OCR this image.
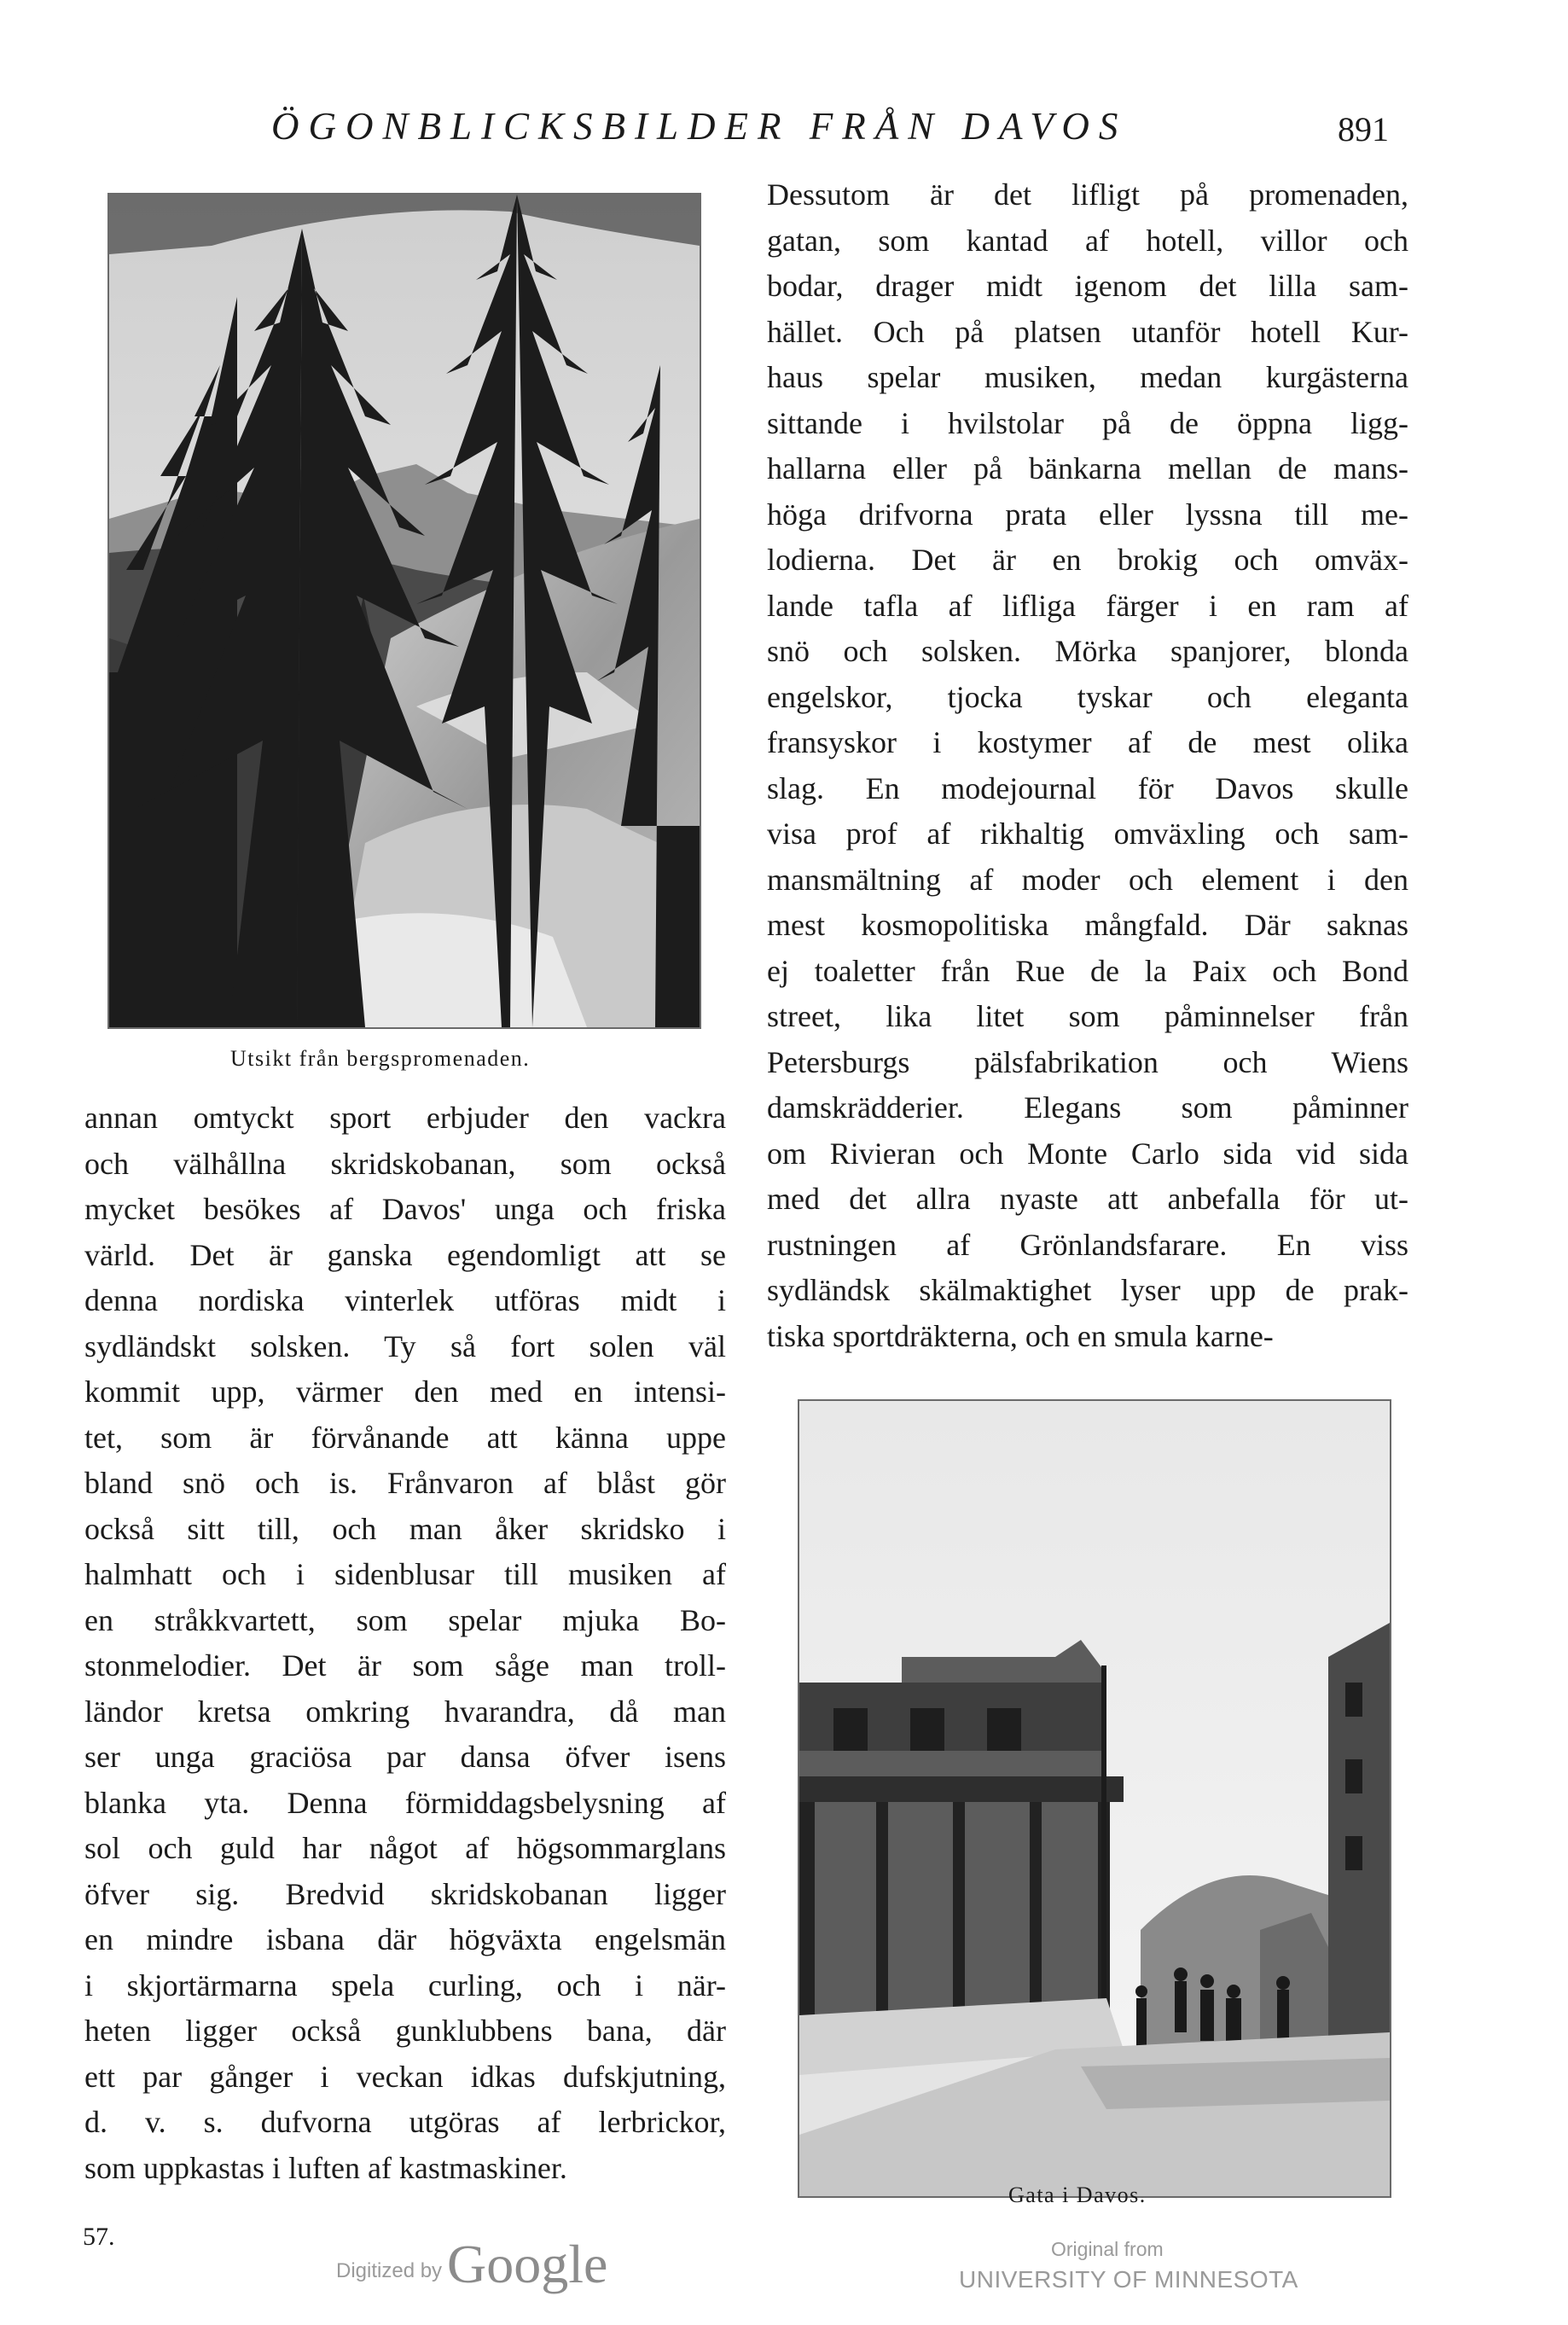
ÖGONBLICKSBILDER FRÅN DAVOS	891
Utsikt från bergspromenaden.
annan omtyckt sport erbjuder den vackra
och välhållna skridskobanan, som också
mycket besökes af Davos' unga och friska
värld. Det är ganska egendomligt att se
denna nordiska vinterlek utföras midt i
sydländskt solsken. Ty så fort solen väl
kommit upp, värmer den med en intensi-
tet, som är förvånande att känna uppe
bland snö och is. Frånvaron af blåst gör
också sitt till, och man åker skridsko i
halmhatt och i sidenblusar till musiken af
en stråkkvartett, som spelar mjuka Bo-
stonmelodier. Det är som såge man troll-
ländor kretsa omkring hvarandra, då man
ser unga graciösa par dansa öfver isens
blanka yta. Denna förmiddagsbelysning af
sol och guld har något af högsommarglans
öfver sig. Bredvid skridskobanan ligger
en mindre isbana där högväxta engelsmän
i skjortärmarna spela curling, och i när-
heten ligger också gunklubbens bana, där
ett par gånger i veckan idkas dufskjutning,
d. v. s. dufvorna utgöras af lerbrickor,
som uppkastas i luften af kastmaskiner.
Dessutom är det lifligt på promenaden,
gatan, som kantad af hotell, villor och
bodar, drager midt igenom det lilla sam-
hället. Och på platsen utanför hotell Kur-
haus spelar musiken, medan kurgästerna
sittande i hvilstolar på de öppna ligg-
hallarna eller på bänkarna mellan de mans-
höga drifvorna prata eller lyssna till me-
lodierna. Det är en brokig och omväx-
lande tafla af lifliga färger i en ram af
snö och solsken. Mörka spanjorer, blonda
engelskor, tjocka tyskar och eleganta
fransyskor i kostymer af de mest olika
slag. En modejournal för Davos skulle
visa prof af rikhaltig omväxling och sam-
mansmältning af moder och element i den
mest kosmopolitiska mångfald. Där saknas
ej toaletter från Rue de la Paix och Bond
street, lika litet som påminnelser från
Petersburgs pälsfabrikation och Wiens
damskrädderier. Elegans som påminner
om Rivieran och Monte Carlo sida vid sida
med det allra nyaste att anbefalla för ut-
rustningen af Grönlandsfarare. En viss
sydländsk skälmaktighet lyser upp de prak-
tiska sportdräkterna, och en smula karne-
Gata i Davos.
57.
Digitized by Google	Original from
UNIVERSITY OF MINNESOTA
